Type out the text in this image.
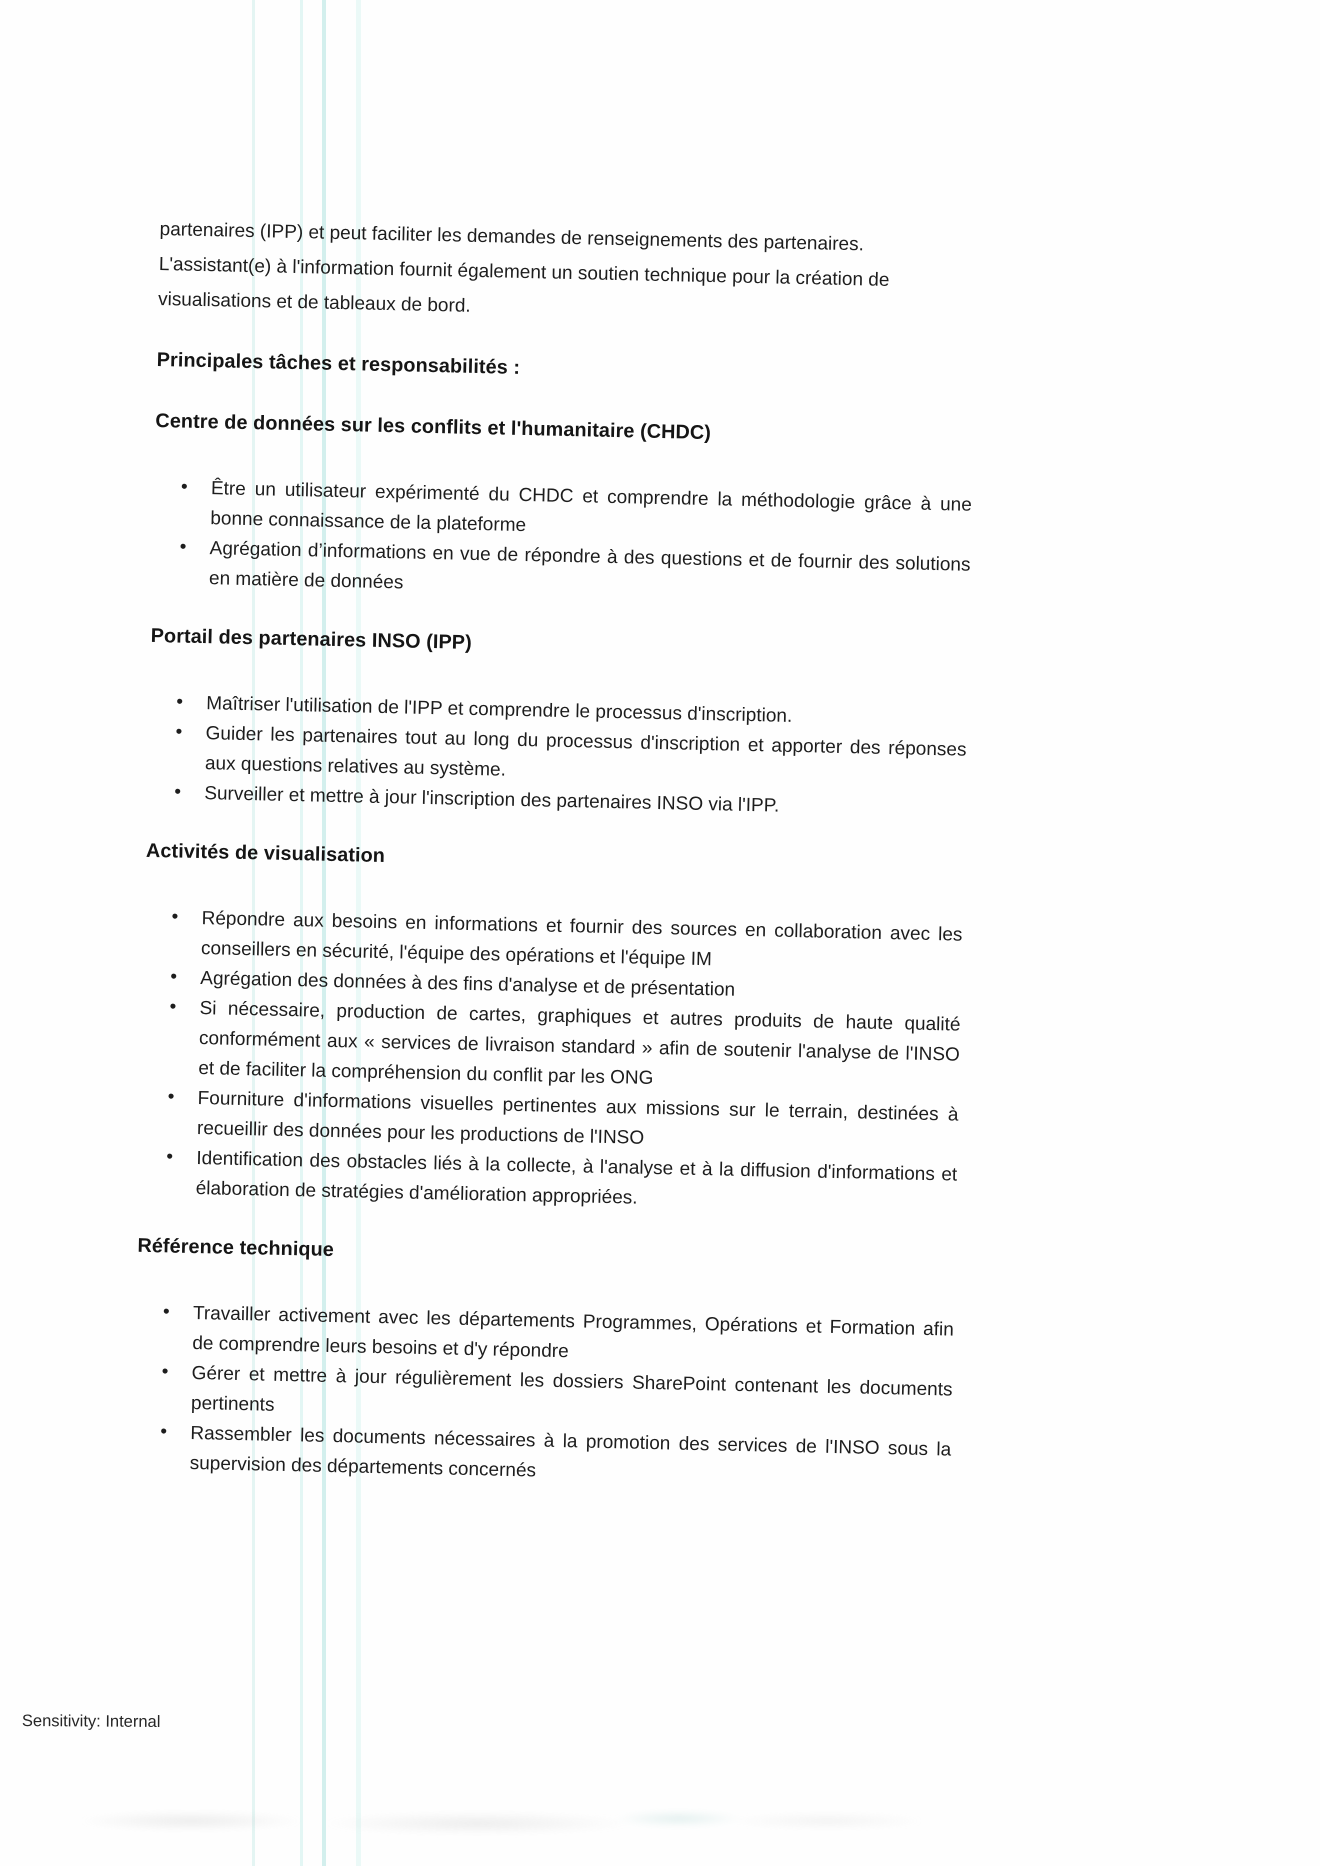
partenaires (IPP) et peut faciliter les demandes de renseignements des partenaires. L'assistant(e) à l'information fournit également un soutien technique pour la création de visualisations et de tableaux de bord.

Principales tâches et responsabilités :
Centre de données sur les conflits et l'humanitaire (CHDC)
• Être un utilisateur expérimenté du CHDC et comprendre la méthodologie grâce à une bonne connaissance de la plateforme
• Agrégation d’informations en vue de répondre à des questions et de fournir des solutions en matière de données
Portail des partenaires INSO (IPP)
• Maîtriser l'utilisation de l'IPP et comprendre le processus d'inscription.
• Guider les partenaires tout au long du processus d'inscription et apporter des réponses aux questions relatives au système.
• Surveiller et mettre à jour l'inscription des partenaires INSO via l'IPP.
Activités de visualisation
• Répondre aux besoins en informations et fournir des sources en collaboration avec les conseillers en sécurité, l'équipe des opérations et l'équipe IM
• Agrégation des données à des fins d'analyse et de présentation
• Si nécessaire, production de cartes, graphiques et autres produits de haute qualité conformément aux « services de livraison standard » afin de soutenir l'analyse de l'INSO et de faciliter la compréhension du conflit par les ONG
• Fourniture d'informations visuelles pertinentes aux missions sur le terrain, destinées à recueillir des données pour les productions de l'INSO
• Identification des obstacles liés à la collecte, à l'analyse et à la diffusion d'informations et élaboration de stratégies d'amélioration appropriées.
Référence technique
• Travailler activement avec les départements Programmes, Opérations et Formation afin de comprendre leurs besoins et d'y répondre
• Gérer et mettre à jour régulièrement les dossiers SharePoint contenant les documents pertinents
• Rassembler les documents nécessaires à la promotion des services de l'INSO sous la supervision des départements concernés
Sensitivity: Internal
